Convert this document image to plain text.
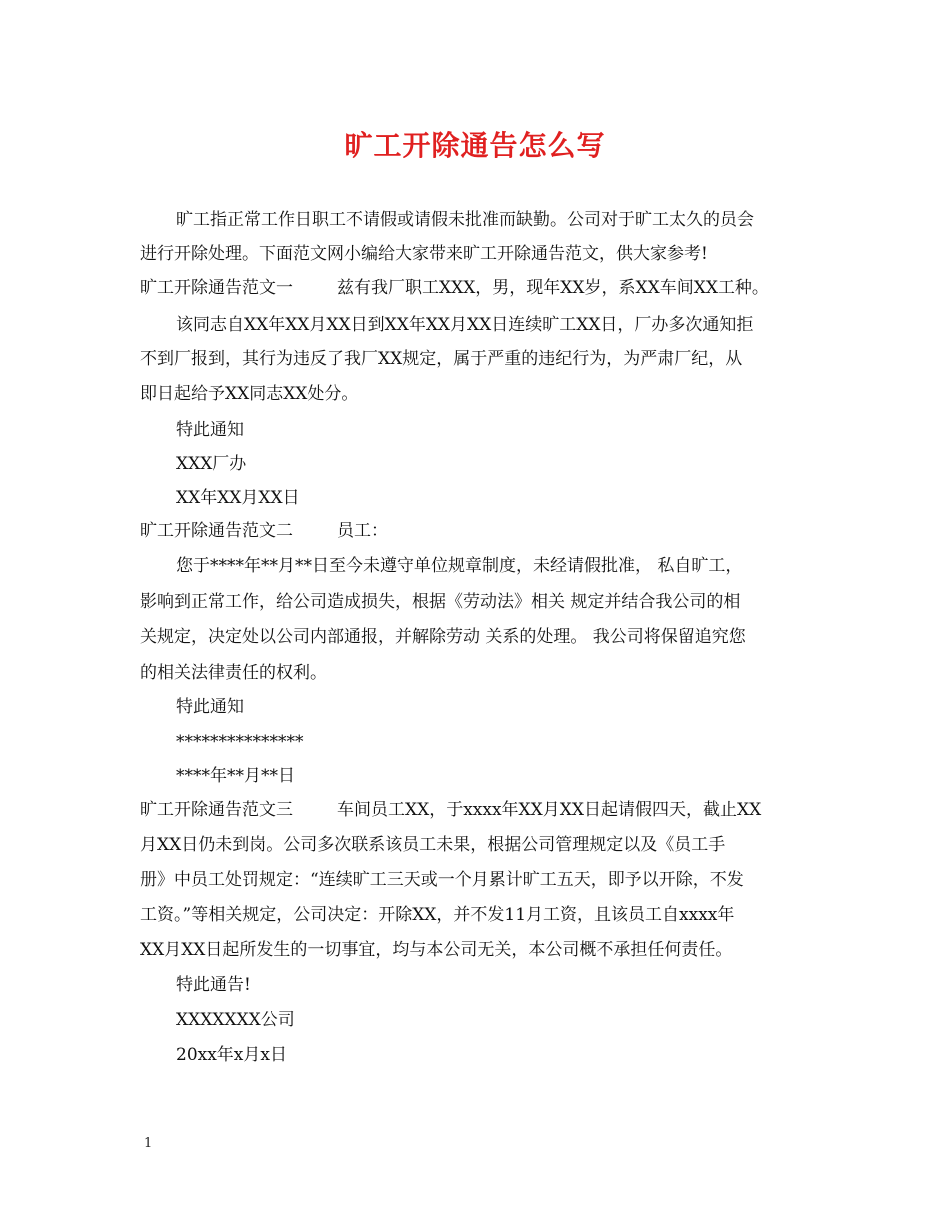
旷工开除通告怎么写
旷工指正常工作日职工不请假或请假未批准而缺勤。公司对于旷工太久的员会
进行开除处理。下面范文网小编给大家带来旷工开除通告范文，供大家参考!
旷工开除通告范文一	兹有我厂职工XXX，男，现年XX岁，系XX车间XX工种。
该同志自XX年XX月XX日到XX年XX月XX日连续旷工XX日，厂办多次通知拒
不到厂报到，其行为违反了我厂XX规定，属于严重的违纪行为，为严肃厂纪，从
即日起给予XX同志XX处分。
特此通知
XXX厂办
XX年XX月XX日
旷工开除通告范文二	员工：
您于****年**月**日至今未遵守单位规章制度，未经请假批准， 私自旷工，
影响到正常工作，给公司造成损失，根据《劳动法》相关 规定并结合我公司的相
关规定，决定处以公司内部通报，并解除劳动 关系的处理。 我公司将保留追究您
的相关法律责任的权利。
特此通知
***************
****年**月**日
旷工开除通告范文三	车间员工XX，于xxxx年XX月XX日起请假四天，截止XX
月XX日仍未到岗。公司多次联系该员工未果，根据公司管理规定以及《员工手
册》中员工处罚规定：“连续旷工三天或一个月累计旷工五天，即予以开除，不发
工资。”等相关规定，公司决定：开除XX，并不发11月工资，且该员工自xxxx年
XX月XX日起所发生的一切事宜，均与本公司无关，本公司概不承担任何责任。
特此通告!
XXXXXXX公司
20xx年x月x日
1
